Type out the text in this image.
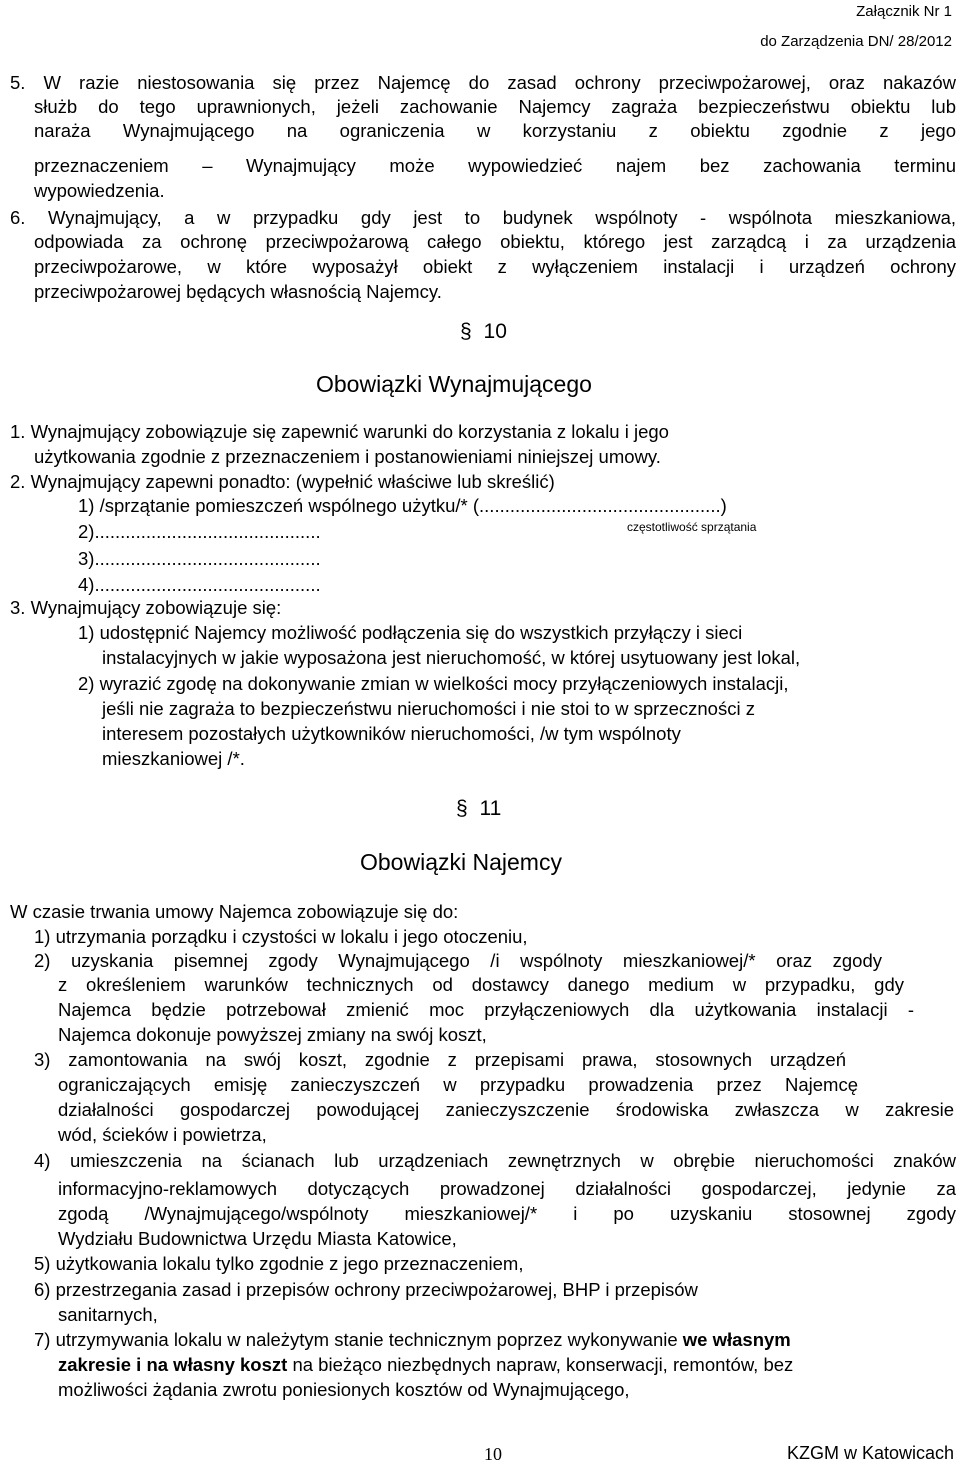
Załącznik Nr 1
do Zarządzenia DN/ 28/2012
5. W razie niestosowania się przez Najemcę do zasad ochrony przeciwpożarowej, oraz nakazów
służb do tego uprawnionych, jeżeli zachowanie Najemcy zagraża bezpieczeństwu obiektu lub
naraża Wynajmującego na ograniczenia w korzystaniu z obiektu zgodnie z jego
przeznaczeniem – Wynajmujący może wypowiedzieć najem bez zachowania terminu
wypowiedzenia.
6. Wynajmujący, a w przypadku gdy jest to budynek wspólnoty - wspólnota mieszkaniowa,
odpowiada za ochronę przeciwpożarową całego obiektu, którego jest zarządcą i za urządzenia
przeciwpożarowe, w które wyposażył obiekt z wyłączeniem instalacji i urządzeń ochrony
przeciwpożarowej będących własnością Najemcy.
§ 10
Obowiązki Wynajmującego
1. Wynajmujący zobowiązuje się zapewnić warunki do korzystania z lokalu i jego
użytkowania zgodnie z przeznaczeniem i postanowieniami niniejszej umowy.
2. Wynajmujący zapewni ponadto: (wypełnić właściwe lub skreślić)
1) /sprzątanie pomieszczeń wspólnego użytku/* (...............................................)
częstotliwość sprzątania
2)............................................
3)............................................
4)............................................
3. Wynajmujący zobowiązuje się:
1) udostępnić Najemcy możliwość podłączenia się do wszystkich przyłączy i sieci
instalacyjnych w jakie wyposażona jest nieruchomość, w której usytuowany jest lokal,
2) wyrazić zgodę na dokonywanie zmian w wielkości mocy przyłączeniowych instalacji,
jeśli nie zagraża to bezpieczeństwu nieruchomości i nie stoi to w sprzeczności z
interesem pozostałych użytkowników nieruchomości, /w tym wspólnoty
mieszkaniowej /*.
§ 11
Obowiązki Najemcy
W czasie trwania umowy Najemca zobowiązuje się do:
1) utrzymania porządku i czystości w lokalu i jego otoczeniu,
2) uzyskania pisemnej zgody Wynajmującego /i wspólnoty mieszkaniowej/* oraz zgody
z określeniem warunków technicznych od dostawcy danego medium w przypadku, gdy
Najemca będzie potrzebował zmienić moc przyłączeniowych dla użytkowania instalacji -
Najemca dokonuje powyższej zmiany na swój koszt,
3) zamontowania na swój koszt, zgodnie z przepisami prawa, stosownych urządzeń
ograniczających emisję zanieczyszczeń w przypadku prowadzenia przez Najemcę
działalności gospodarczej powodującej zanieczyszczenie środowiska zwłaszcza w zakresie
wód, ścieków i powietrza,
4) umieszczenia na ścianach lub urządzeniach zewnętrznych w obrębie nieruchomości znaków
informacyjno-reklamowych dotyczących prowadzonej działalności gospodarczej, jedynie za
zgodą /Wynajmującego/wspólnoty mieszkaniowej/* i po uzyskaniu stosownej zgody
Wydziału Budownictwa Urzędu Miasta Katowice,
5) użytkowania lokalu tylko zgodnie z jego przeznaczeniem,
6) przestrzegania zasad i przepisów ochrony przeciwpożarowej, BHP i przepisów
sanitarnych,
7) utrzymywania lokalu w należytym stanie technicznym poprzez wykonywanie we własnym
zakresie i na własny koszt na bieżąco niezbędnych napraw, konserwacji, remontów, bez
możliwości żądania zwrotu poniesionych kosztów od Wynajmującego,
10	KZGM w Katowicach
